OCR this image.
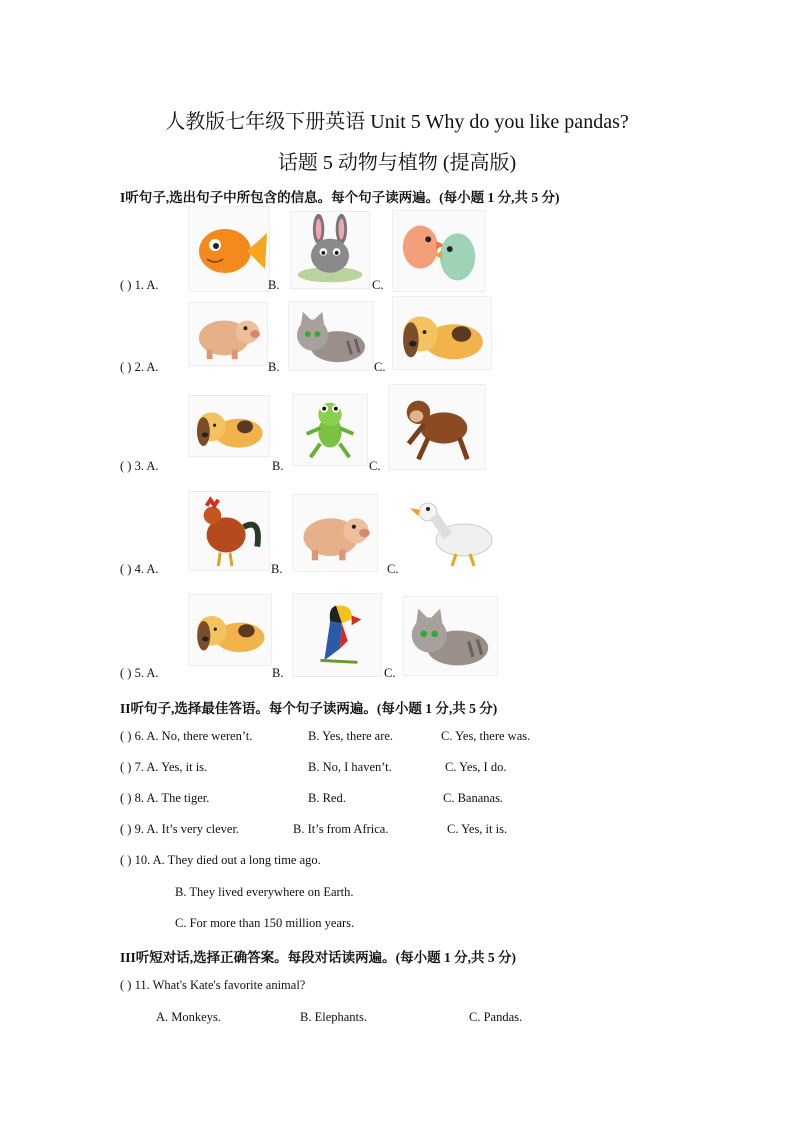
人教版七年级下册英语 Unit 5 Why do you like pandas?
话题 5 动物与植物 (提高版)
I听句子,选出句子中所包含的信息。每个句子读两遍。(每小题 1 分,共 5 分)
( ) 1. A.	B.	C.
( ) 2. A.	B.	C.
( ) 3. A.	B.	C.
( ) 4. A.	B.	C.
( ) 5. A.	B.	C.
II听句子,选择最佳答语。每个句子读两遍。(每小题 1 分,共 5 分)
( ) 6. A. No, there weren’t.	B. Yes, there are.	C. Yes, there was.
( ) 7. A. Yes, it is.	B. No, I haven’t.	C. Yes, I do.
( ) 8. A. The tiger.	B. Red.	C. Bananas.
( ) 9. A. It’s very clever.	B. It’s from Africa.	C. Yes, it is.
( ) 10. A. They died out a long time ago.
B. They lived everywhere on Earth.
C. For more than 150 million years.
III听短对话,选择正确答案。每段对话读两遍。(每小题 1 分,共 5 分)
( ) 11. What's Kate's favorite animal?
A. Monkeys.	B. Elephants.	C. Pandas.
